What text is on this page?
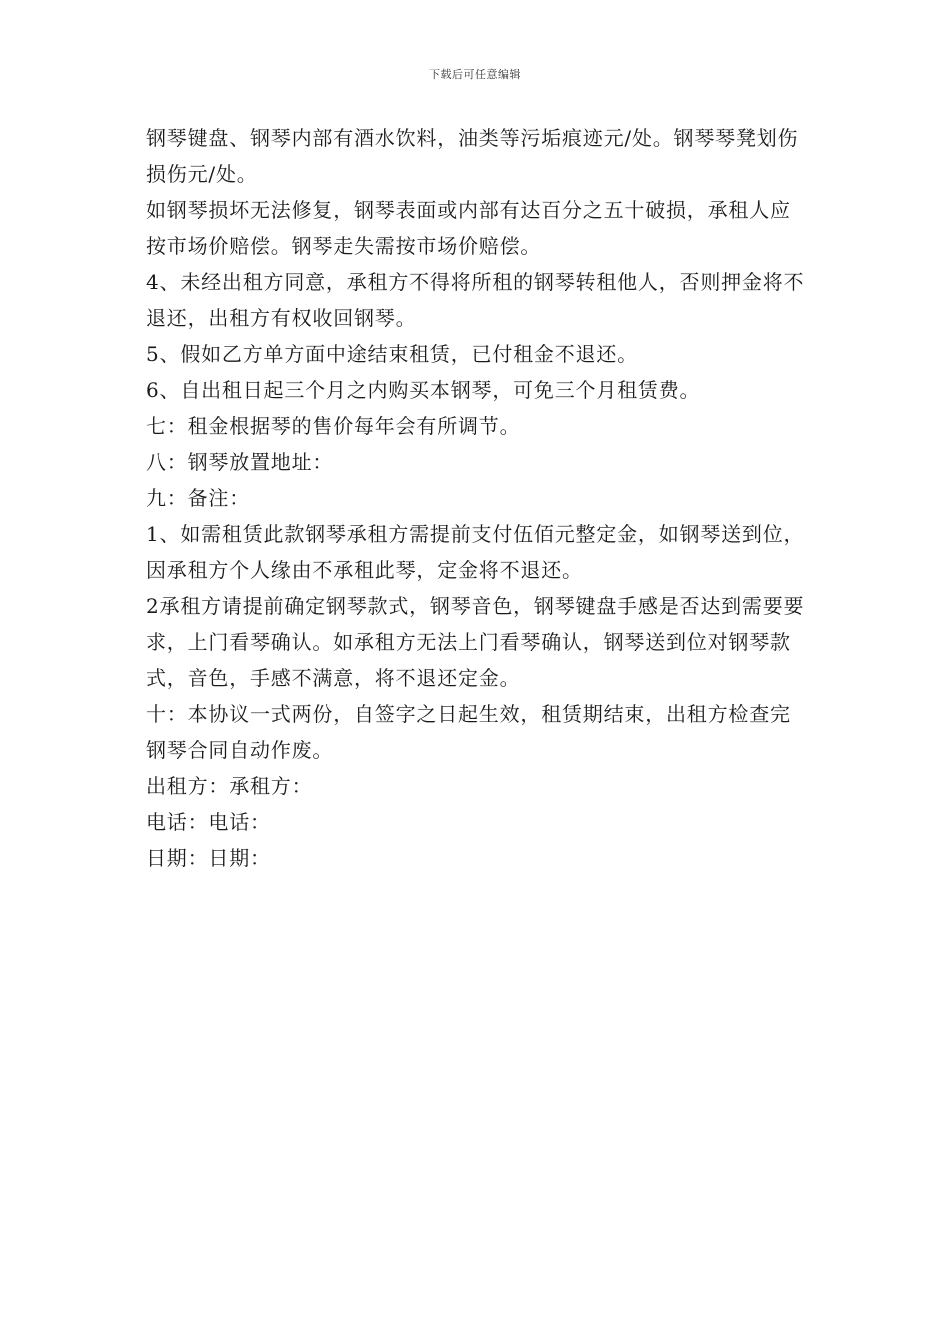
下载后可任意编辑

钢琴键盘、钢琴内部有酒水饮料，油类等污垢痕迹元/处。钢琴琴凳划伤损伤元/处。

如钢琴损坏无法修复，钢琴表面或内部有达百分之五十破损，承租人应按市场价赔偿。钢琴走失需按市场价赔偿。

4、未经出租方同意，承租方不得将所租的钢琴转租他人，否则押金将不退还，出租方有权收回钢琴。

5、假如乙方单方面中途结束租赁，已付租金不退还。

6、自出租日起三个月之内购买本钢琴，可免三个月租赁费。

七：租金根据琴的售价每年会有所调节。

八：钢琴放置地址：

九：备注：

1、如需租赁此款钢琴承租方需提前支付伍佰元整定金，如钢琴送到位，因承租方个人缘由不承租此琴，定金将不退还。

2承租方请提前确定钢琴款式，钢琴音色，钢琴键盘手感是否达到需要要求，上门看琴确认。如承租方无法上门看琴确认，钢琴送到位对钢琴款式，音色，手感不满意，将不退还定金。

十：本协议一式两份，自签字之日起生效，租赁期结束，出租方检查完钢琴合同自动作废。

出租方：承租方：

电话：电话：

日期：日期：
